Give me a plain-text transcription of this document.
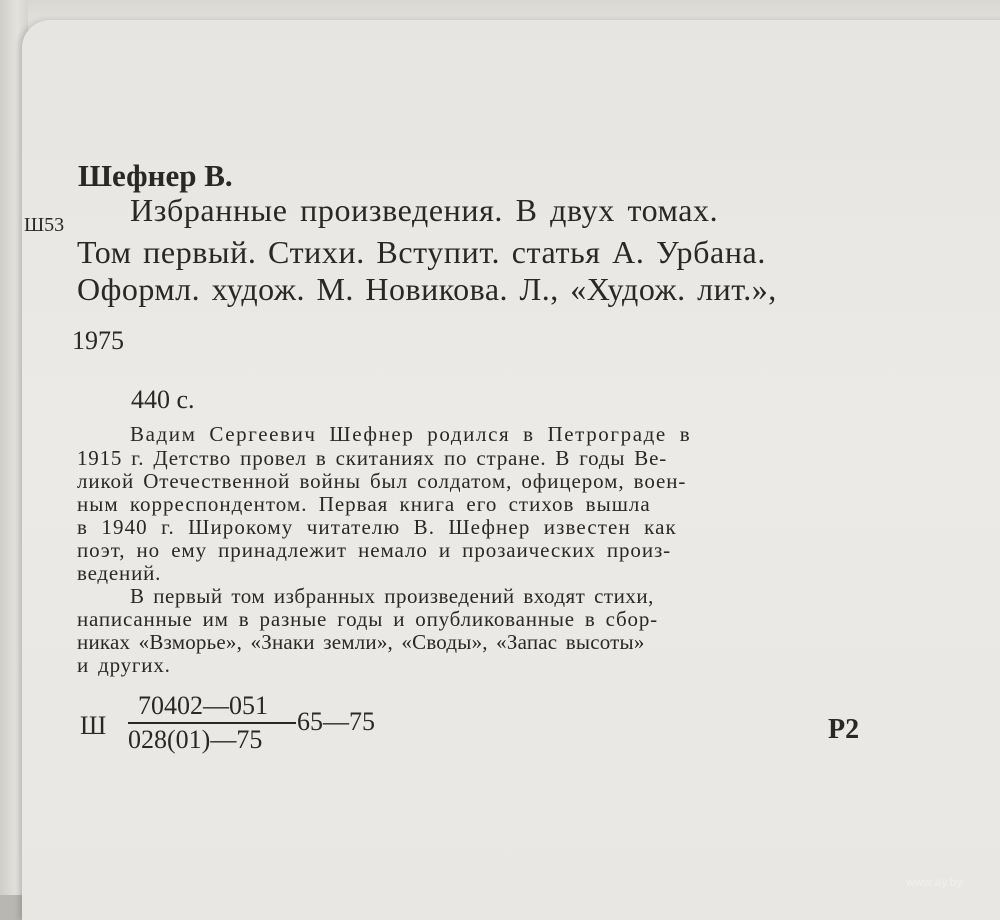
Шефнер В.
Ш53 Избранные произведения. В двух томах.
Том первый. Стихи. Вступит. статья А. Урбана.
Оформл. худож. М. Новикова. Л., «Худож. лит.»,
1975
440 с.
Вадим Сергеевич Шефнер родился в Петрограде в
1915 г. Детство провел в скитаниях по стране. В годы Ве-
ликой Отечественной войны был солдатом, офицером, воен-
ным корреспондентом. Первая книга его стихов вышла
в 1940 г. Широкому читателю В. Шефнер известен как
поэт, но ему принадлежит немало и прозаических произ-
ведений.
В первый том избранных произведений входят стихи,
написанные им в разные годы и опубликованные в сбор-
никах «Взморье», «Знаки земли», «Своды», «Запас высоты»
и других.
Ш
70402—051
028(01)—75
65—75	Р2
www.ay.by
